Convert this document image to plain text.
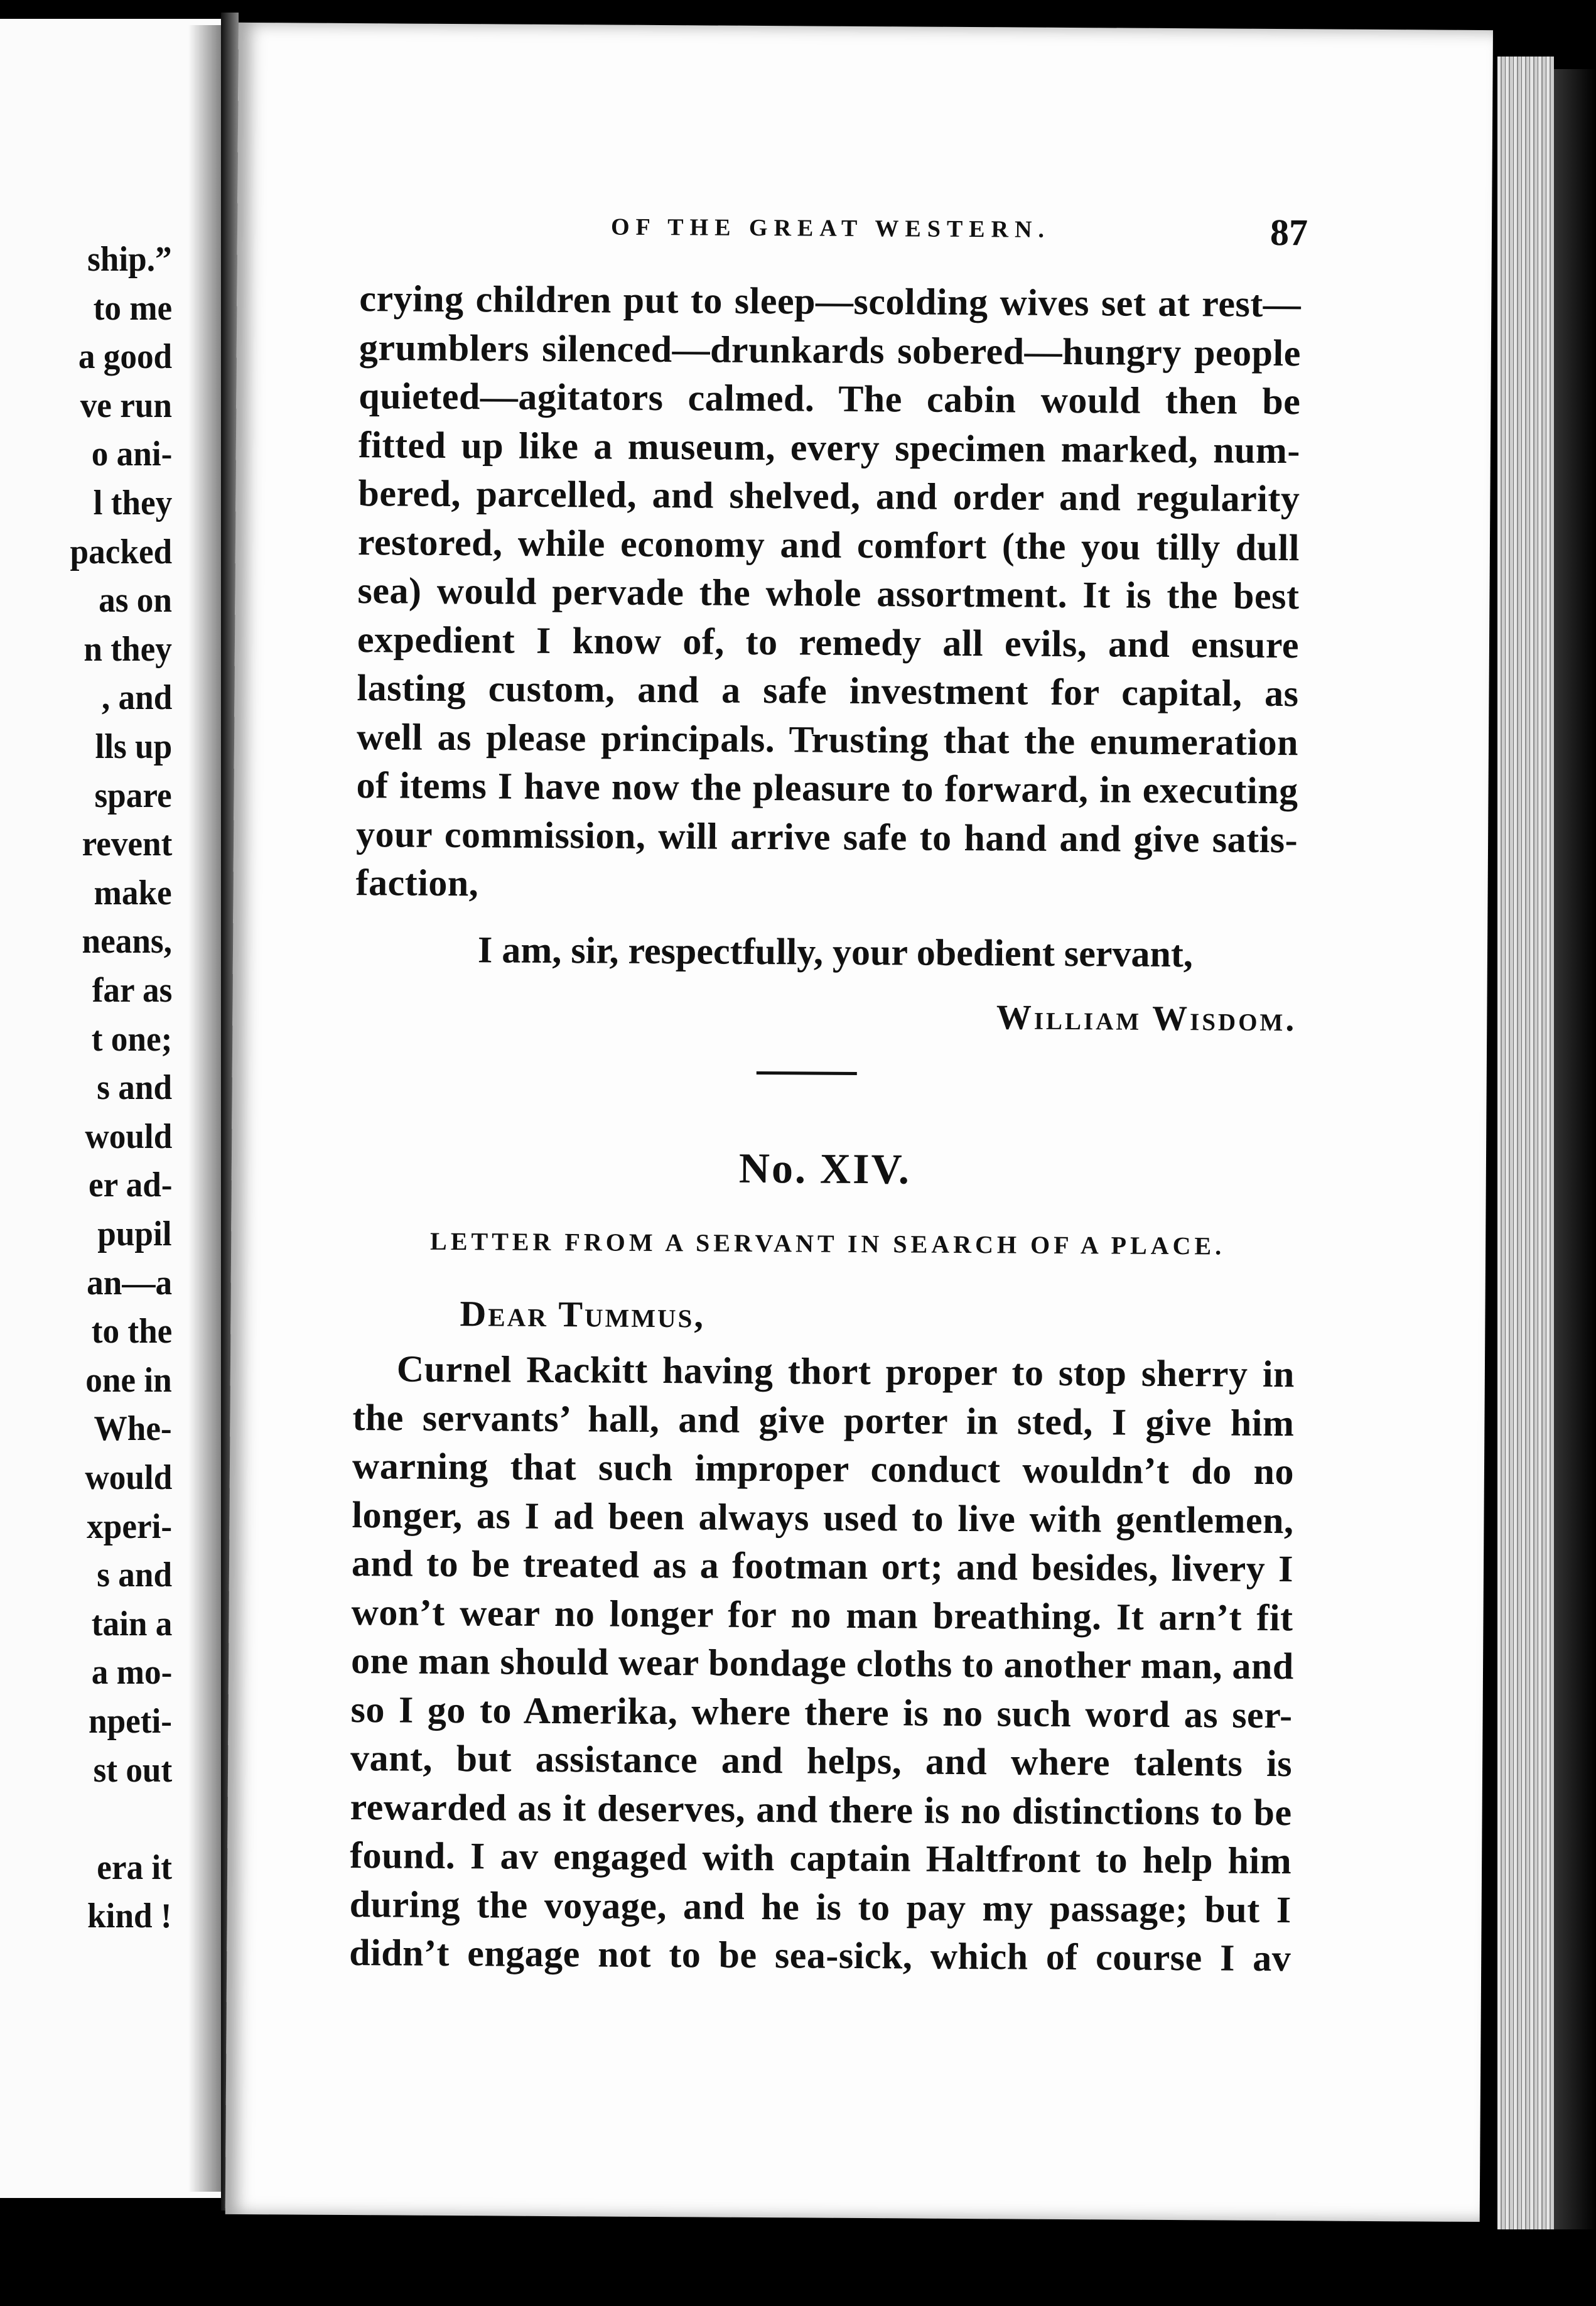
ship.”
to me
a good
ve run
o ani-
l they
packed
as on
n they
, and
lls up
spare
revent
make
neans,
far as
t one;
s and
would
er ad-
pupil
an—a
to the
one in
Whe-
would
xperi-
s and
tain a
a mo-
npeti-
st out
era it
kind !
OF THE GREAT WESTERN.	87
crying children put to sleep—scolding wives set at rest—
grumblers silenced—drunkards sobered—hungry people
quieted—agitators calmed. The cabin would then be
fitted up like a museum, every specimen marked, num-
bered, parcelled, and shelved, and order and regularity
restored, while economy and comfort (the you tilly dull
sea) would pervade the whole assortment. It is the best
expedient I know of, to remedy all evils, and ensure
lasting custom, and a safe investment for capital, as
well as please principals. Trusting that the enumeration
of items I have now the pleasure to forward, in executing
your commission, will arrive safe to hand and give satis-
faction,
I am, sir, respectfully, your obedient servant,
William Wisdom.
No. XIV.
LETTER FROM A SERVANT IN SEARCH OF A PLACE.
Dear Tummus,
Curnel Rackitt having thort proper to stop sherry in
the servants’ hall, and give porter in sted, I give him
warning that such improper conduct wouldn’t do no
longer, as I ad been always used to live with gentlemen,
and to be treated as a footman ort; and besides, livery I
won’t wear no longer for no man breathing. It arn’t fit
one man should wear bondage cloths to another man, and
so I go to Amerika, where there is no such word as ser-
vant, but assistance and helps, and where talents is
rewarded as it deserves, and there is no distinctions to be
found. I av engaged with captain Haltfront to help him
during the voyage, and he is to pay my passage; but I
didn’t engage not to be sea-sick, which of course I av
